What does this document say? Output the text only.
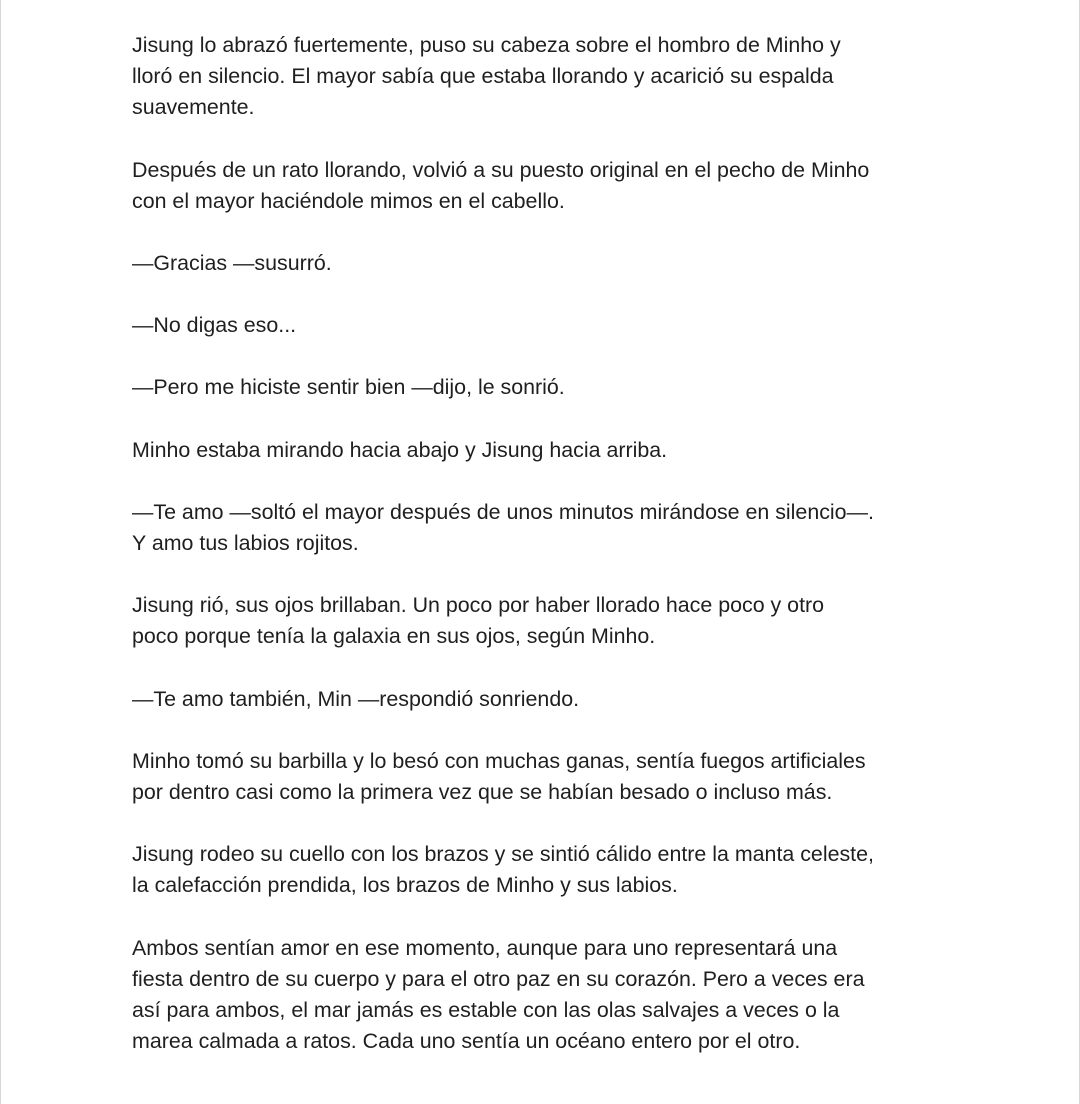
Jisung lo abrazó fuertemente, puso su cabeza sobre el hombro de Minho y
lloró en silencio. El mayor sabía que estaba llorando y acarició su espalda
suavemente.

Después de un rato llorando, volvió a su puesto original en el pecho de Minho
con el mayor haciéndole mimos en el cabello.

—Gracias —susurró.

—No digas eso...

—Pero me hiciste sentir bien —dijo, le sonrió.

Minho estaba mirando hacia abajo y Jisung hacia arriba.

—Te amo —soltó el mayor después de unos minutos mirándose en silencio—.
Y amo tus labios rojitos.

Jisung rió, sus ojos brillaban. Un poco por haber llorado hace poco y otro
poco porque tenía la galaxia en sus ojos, según Minho.

—Te amo también, Min —respondió sonriendo.

Minho tomó su barbilla y lo besó con muchas ganas, sentía fuegos artificiales
por dentro casi como la primera vez que se habían besado o incluso más.

Jisung rodeo su cuello con los brazos y se sintió cálido entre la manta celeste,
la calefacción prendida, los brazos de Minho y sus labios.

Ambos sentían amor en ese momento, aunque para uno representará una
fiesta dentro de su cuerpo y para el otro paz en su corazón. Pero a veces era
así para ambos, el mar jamás es estable con las olas salvajes a veces o la
marea calmada a ratos. Cada uno sentía un océano entero por el otro.
